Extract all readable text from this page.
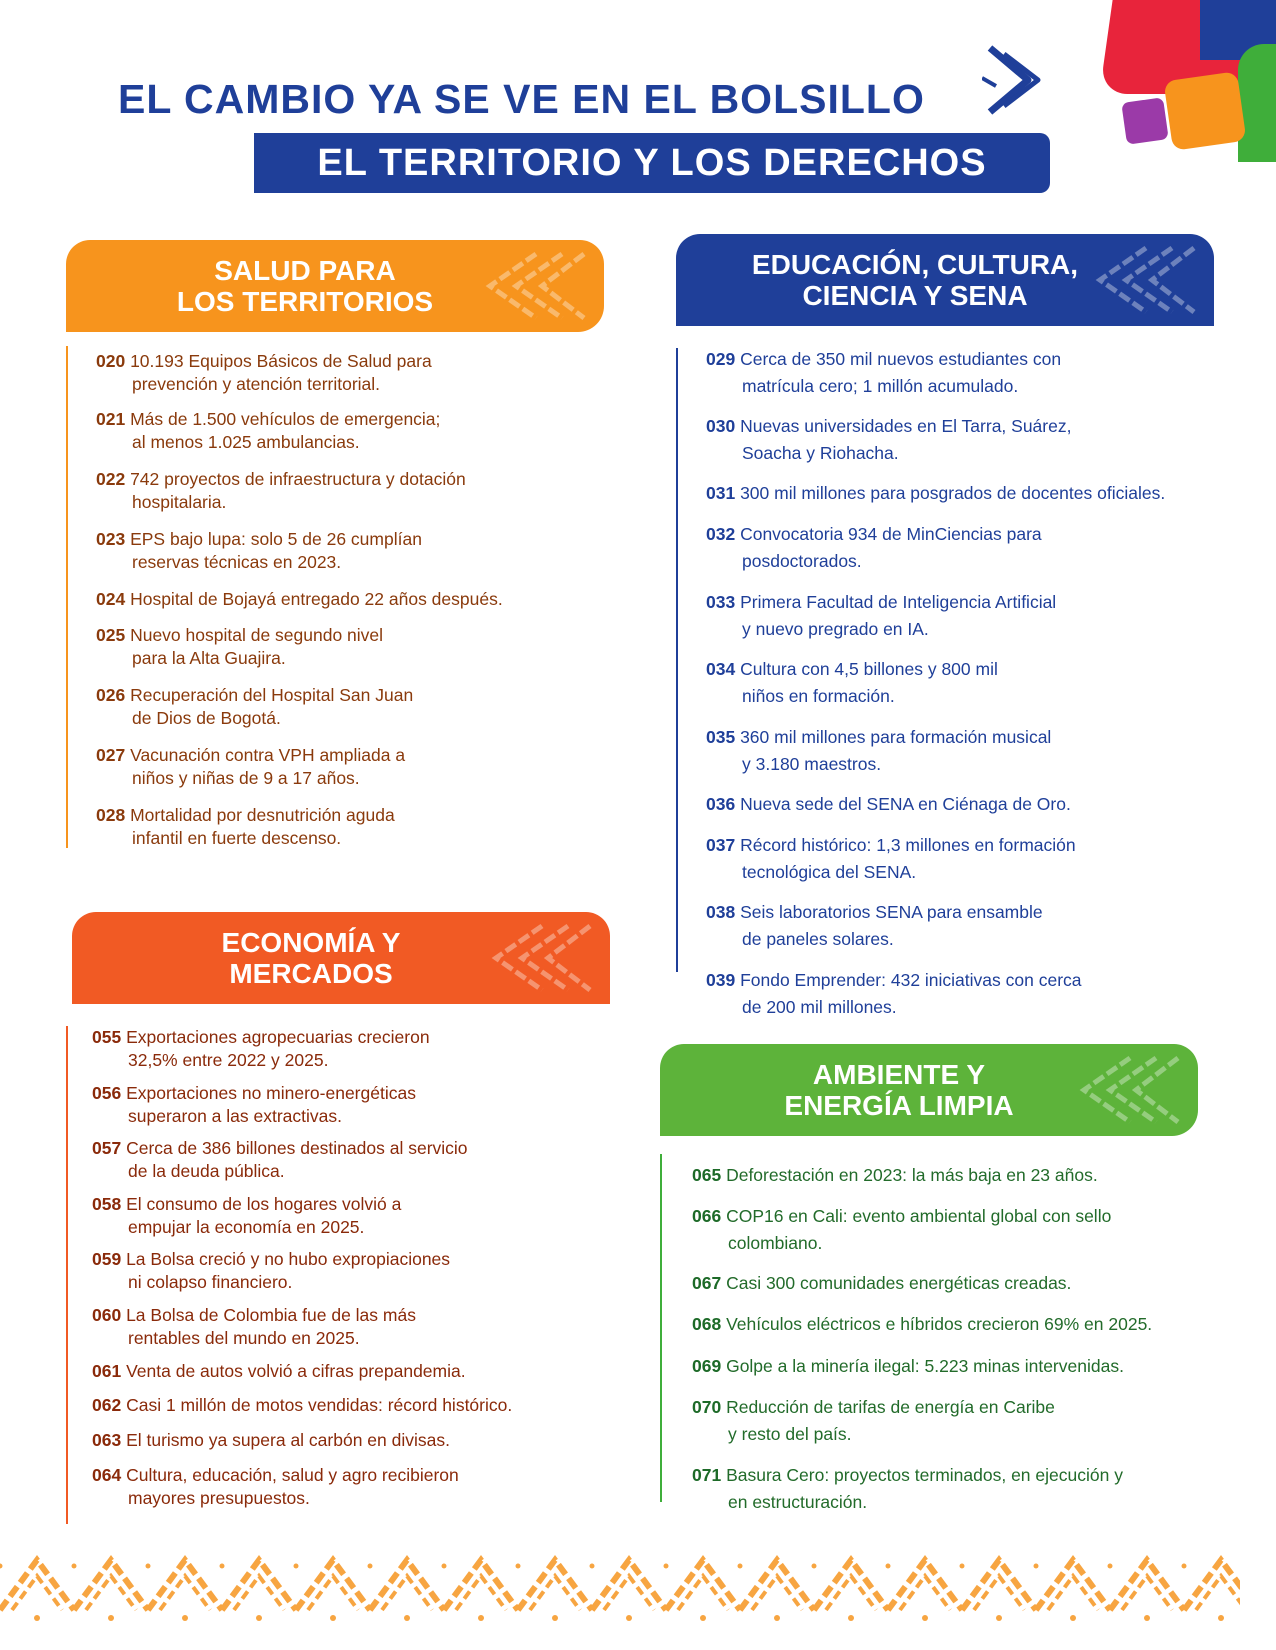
EL CAMBIO YA SE VE EN EL BOLSILLO
EL TERRITORIO Y LOS DERECHOS
SALUD PARA
LOS TERRITORIOS
020 10.193 Equipos Básicos de Salud para
prevención y atención territorial.
021 Más de 1.500 vehículos de emergencia;
al menos 1.025 ambulancias.
022 742 proyectos de infraestructura y dotación
hospitalaria.
023 EPS bajo lupa: solo 5 de 26 cumplían
reservas técnicas en 2023.
024 Hospital de Bojayá entregado 22 años después.
025 Nuevo hospital de segundo nivel
para la Alta Guajira.
026 Recuperación del Hospital San Juan
de Dios de Bogotá.
027 Vacunación contra VPH ampliada a
niños y niñas de 9 a 17 años.
028 Mortalidad por desnutrición aguda
infantil en fuerte descenso.
ECONOMÍA Y
MERCADOS
055 Exportaciones agropecuarias crecieron
32,5% entre 2022 y 2025.
056 Exportaciones no minero-energéticas
superaron a las extractivas.
057 Cerca de 386 billones destinados al servicio
de la deuda pública.
058 El consumo de los hogares volvió a
empujar la economía en 2025.
059 La Bolsa creció y no hubo expropiaciones
ni colapso financiero.
060 La Bolsa de Colombia fue de las más
rentables del mundo en 2025.
061 Venta de autos volvió a cifras prepandemia.
062 Casi 1 millón de motos vendidas: récord histórico.
063 El turismo ya supera al carbón en divisas.
064 Cultura, educación, salud y agro recibieron
mayores presupuestos.
EDUCACIÓN, CULTURA,
CIENCIA Y SENA
029 Cerca de 350 mil nuevos estudiantes con
matrícula cero; 1 millón acumulado.
030 Nuevas universidades en El Tarra, Suárez,
Soacha y Riohacha.
031 300 mil millones para posgrados de docentes oficiales.
032 Convocatoria 934 de MinCiencias para
posdoctorados.
033 Primera Facultad de Inteligencia Artificial
y nuevo pregrado en IA.
034 Cultura con 4,5 billones y 800 mil
niños en formación.
035 360 mil millones para formación musical
y 3.180 maestros.
036 Nueva sede del SENA en Ciénaga de Oro.
037 Récord histórico: 1,3 millones en formación
tecnológica del SENA.
038 Seis laboratorios SENA para ensamble
de paneles solares.
039 Fondo Emprender: 432 iniciativas con cerca
de 200 mil millones.
AMBIENTE Y
ENERGÍA LIMPIA
065 Deforestación en 2023: la más baja en 23 años.
066 COP16 en Cali: evento ambiental global con sello
colombiano.
067 Casi 300 comunidades energéticas creadas.
068 Vehículos eléctricos e híbridos crecieron 69% en 2025.
069 Golpe a la minería ilegal: 5.223 minas intervenidas.
070 Reducción de tarifas de energía en Caribe
y resto del país.
071 Basura Cero: proyectos terminados, en ejecución y
en estructuración.
